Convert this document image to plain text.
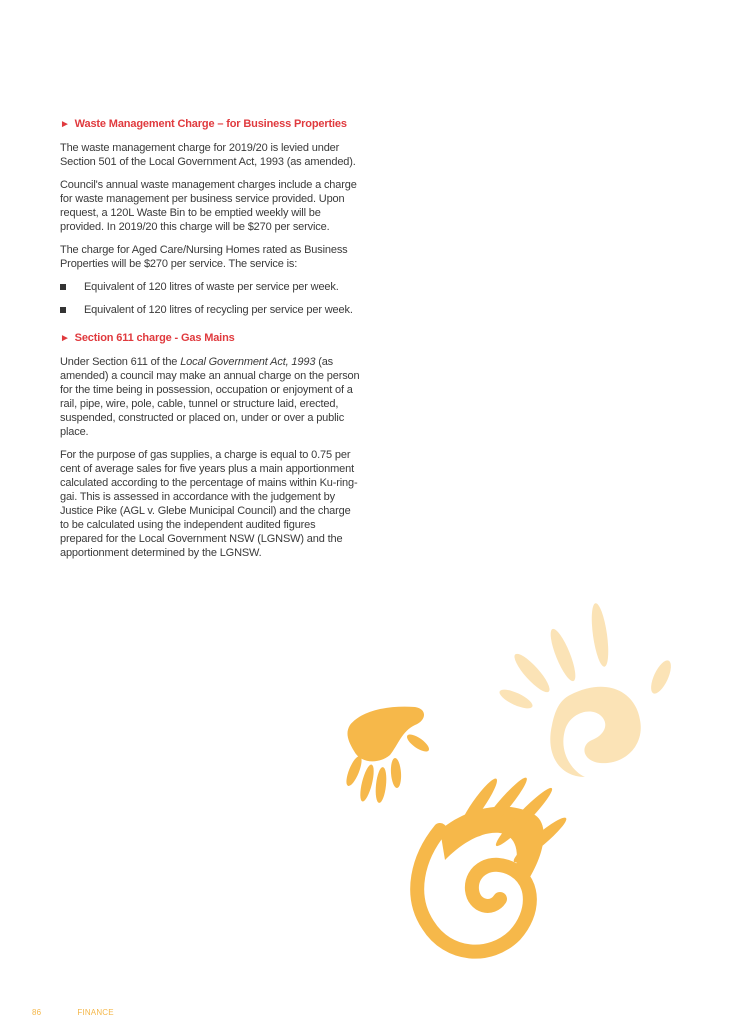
► Waste Management Charge – for Business Properties

The waste management charge for 2019/20 is levied under Section 501 of the Local Government Act, 1993 (as amended).

Council's annual waste management charges include a charge for waste management per business service provided. Upon request, a 120L Waste Bin to be emptied weekly will be provided. In 2019/20 this charge will be $270 per service.

The charge for Aged Care/Nursing Homes rated as Business Properties will be $270 per service. The service is:

Equivalent of 120 litres of waste per service per week.
Equivalent of 120 litres of recycling per service per week.
► Section 611 charge - Gas Mains

Under Section 611 of the Local Government Act, 1993 (as amended) a council may make an annual charge on the person for the time being in possession, occupation or enjoyment of a rail, pipe, wire, pole, cable, tunnel or structure laid, erected, suspended, constructed or placed on, under or over a public place.

For the purpose of gas supplies, a charge is equal to 0.75 per cent of average sales for five years plus a main apportionment calculated according to the percentage of mains within Ku-ring-gai. This is assessed in accordance with the judgement by Justice Pike (AGL v. Glebe Municipal Council) and the charge to be calculated using the independent audited figures prepared for the Local Government NSW (LGNSW) and the apportionment determined by the LGNSW.

86	FINANCE
